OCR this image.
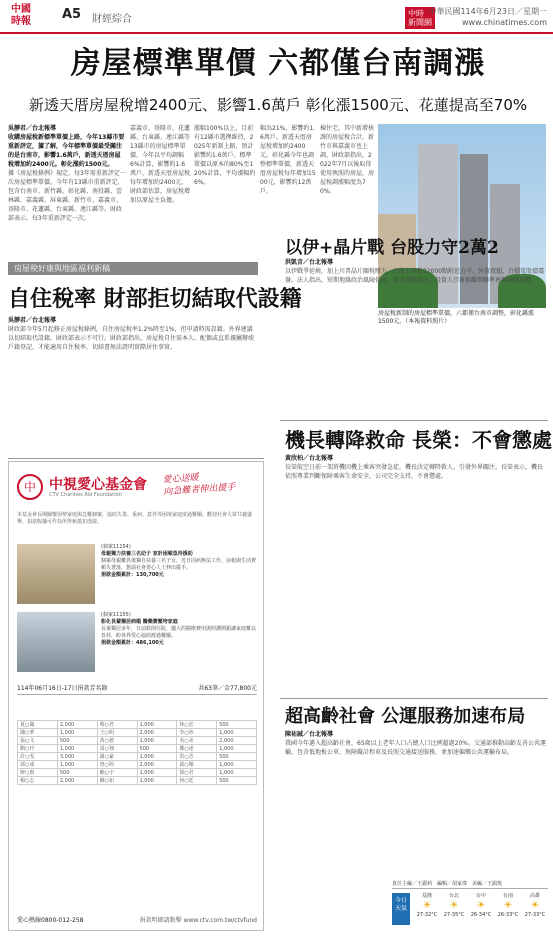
中國
時報	A5 財經綜合
中時
新聞網
中華民國114年6月23日／星期一
www.chinatimes.com
房屋標準單價 六都僅台南調漲
新透天厝房屋稅增2400元、影響1.6萬戶 彰化漲1500元、花蓮提高至70%
吳靜君／台北報導
收購房屋稅新標準單價上路，今年13縣市要重新評定，據了解，今年標準單價最受關注的是台南市，影響1.6萬戶，新透天厝房屋稅增加約2400元。彰化漲約1500元。
據《房屋稅條例》規定，每3年需重新評定一次房屋標準單價。今年有13縣市重新評定，包含台南市、新竹縣、彰化縣、南投縣、雲林縣、嘉義縣、屏東縣、新竹市、嘉義市、基隆市、花蓮縣、台東縣、連江縣等。財政部表示，每3年重新評定一次。
嘉義市、基隆市、花蓮縣、台東縣、連江縣等13縣市的房屋標準單價，今年以平均調幅6%計算，影響約1.6萬戶，新透天厝房屋稅每年增加約2400元。財政部估算，房屋稅增加以原屋主負擔。
漲幅100%以上，目前有12縣市選擇維持，2025年新制上路，預計影響約1.6萬戶。標準單價以原本的80%至120%計算，平均漲幅約6%。
幅為21%，影響約1.6萬戶，新透天厝房屋稅增加約2400元。彰化縣今年也調整標準單價，新透天厝房屋稅每年增加1500元，影響約12萬戶。
棟住宅，其中新增核課的房屋稅合計，新竹市與嘉義市也上調，財政部指出，2022年7月以後取得使用執照的房屋，房屋稅調漲幅度為70%。
房屋稅新制的房屋標準單價，六都僅台南市調整，彰化縣漲1500元。（本報資料照片）
房屋稅好康與地區福利新稿
自住稅率 財部拒切結取代設籍
吳靜君／台北報導
財政部今年5月起修正房屋稅條例，自住房屋稅率1.2%降至1%，但申請時需設籍。外界建議以切結取代設籍，財政部表示不可行。財政部指出，房屋稅自住需本人、配偶或直系親屬辦竣戶籍登記，才能適用自住稅率，切結書無法證明實際居住事實。
以伊+晶片戰 台股力守2萬2
洪凱音／台北報導
以伊戰爭延燒，加上川普晶片關稅壓力，台股上周於22000點附近力守，外資賣超，台積電股價震盪。法人指出，短期地緣政治風險仍高，股市波動加大，投資人宜審慎觀察聯準會與國際局勢。
機長轉降救命 長榮：不會懲處
黃欣柏／台北報導
長榮航空日前一架班機因機上乘客突發急症，機長決定轉降救人，引發外界關注。長榮表示，機長依照專業判斷保障乘客生命安全，公司完全支持，不會懲處。
超高齡社會 公運服務加速布局
陳祐誠／台北報導
我國今年邁入超高齡社會，65歲以上老年人口占總人口比例超過20%。交通部推動高齡友善公共運輸，包含低地板公車、無障礙計程車及長照交通接送服務，並加速偏鄉公共運輸布局。
中 中視愛心基金會
CTV Charities Aid Foundation
愛心送暖
向急難者伸出援手
本基金會長期關懷弱勢家庭與急難個案，協助失業、重病、意外等困境家庭度過難關。歡迎社會大眾共襄盛舉，捐款收據可作為所得稅抵扣憑證。
(個案11154)
母親獨力扶養三名幼子 家計困頓急待援助
個案母親離異後獨自扶養三名子女，近日因病無法工作，房租與生活費頓失著落，懇請社會善心人士伸出援手。
捐款金額累計：130,700元
(個案11155)
彰化長輩獨居病榻 醫藥費壓垮家庭
長輩獨居多年，日前跌倒住院，龐大的醫療費用與照護開銷讓家庭難以負荷，盼各界愛心協助渡過難關。
捐款金額累計：486,100元
114年06月16日-17日捐款芳名錄	共63筆／金77,800元
夏○鳳	2,000	蔡○君	1,000	林○宏	500
陳○華	1,000	王○明	2,000	李○珍	1,000
張○文	500	黃○德	1,000	吳○美	2,000
劉○玲	1,000	周○翔	500	鄭○達	1,000
許○雯	3,000	謝○豪	1,000	洪○芳	500
郭○成	1,000	曾○婷	2,000	邱○傑	1,000
廖○惠	500	賴○宇	1,000	徐○君	1,000
楊○志	2,000	蘇○如	1,000	何○廷	500
愛心熱線0800-012-258	捐款明細請點擊 www.ctv.com.tw/ctvfund
責任主編／王麗莉　編輯／胡家瑋　美編／王韻筑
今日
天氣
基隆
☀
27-32°C
台北
☀
27-35°C
台中
☀
26-34°C
台南
☀
26-33°C
高雄
☀
27-33°C
